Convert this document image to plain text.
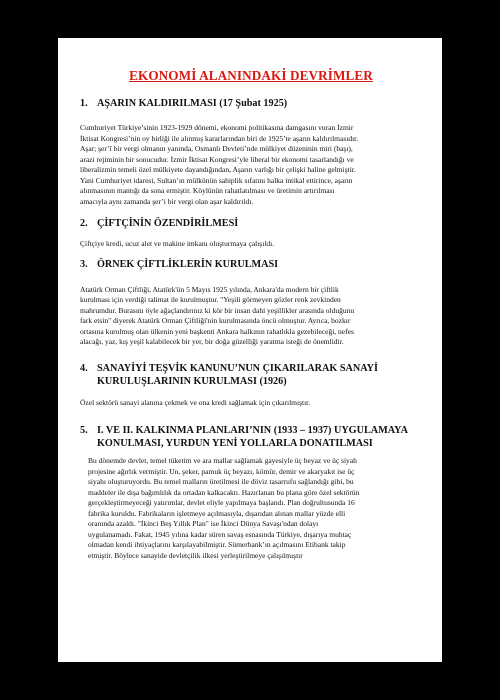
EKONOMİ ALANINDAKİ DEVRİMLER
1. AŞARIN KALDIRILMASI (17 Şubat 1925)
Cumhuriyet Türkiye’sinin 1923-1929 dönemi, ekonomi politikasına damgasını vuran İzmir
İktisat Kongresi’nin oy birliği ile alınmış kararlarından biri de 1925’te aşarın kaldırılmasıdır.
Aşar; şer’î bir vergi olmanın yanında, Osmanlı Devleti’nde mülkiyet düzeninin miri (başı),
arazi rejiminin bir sonucudur. İzmir İktisat Kongresi’yle liberal bir ekonomi tasarlandığı ve
liberalizmin temeli özel mülkiyete dayandığından, Aşarın varlığı bir çelişki haline gelmiştir.
Yani Cumhuriyet idaresi, Sultan’ın mülkünün sahiplik sıfatını halka intikal ettirince, aşarın
alınmasının mantığı da sona ermiştir. Köylünün rahatlatılması ve üretimin artırılması
amacıyla aynı zamanda şer’i bir vergi olan aşar kaldırıldı.
2. ÇİFTÇİNİN ÖZENDİRİLMESİ
Çiftçiye kredi, ucuz alet ve makine imkanı oluşturmaya çalışıldı.
3. ÖRNEK ÇİFTLİKLERİN KURULMASI
Atatürk Orman Çiftliği, Atatürk'ün 5 Mayıs 1925 yılında, Ankara'da modern bir çiftlik
kurulması için verdiği talimat ile kurulmuştur. "Yeşili görmeyen gözler renk zevkinden
mahrumdur. Burasını öyle ağaçlandırınız ki kör bir insan dahi yeşillikler arasında olduğunu
fark etsin" diyerek Atatürk Orman Çiftliği'nin kurulmasında öncü olmuştur. Ayrıca, bozkır
ortasına kurulmuş olan ülkenin yeni başkenti Ankara halkının rahatlıkla gezebileceği, nefes
alacağı, yaz, kış yeşil kalabilecek bir yer, bir doğa güzelliği yaratma isteği de önemlidir.
4. SANAYİYİ TEŞVİK KANUNU’NUN ÇIKARILARAK SANAYİ KURULUŞLARININ KURULMASI (1926)
Özel sektörü sanayi alanına çekmek ve ona kredi sağlamak için çıkarılmıştır.
5. I. VE II. KALKINMA PLANLARI’NIN (1933 – 1937) UYGULAMAYA KONULMASI, YURDUN YENİ YOLLARLA DONATILMASI
Bu dönemde devlet, temel tüketim ve ara mallar sağlamak gayesiyle üç beyaz ve üç siyah
projesine ağırlık vermiştir. Un, şeker, pamuk üç beyazı, kömür, demir ve akaryakıt ise üç
siyahı oluşturuyordu. Bu temel malların üretilmesi ile döviz tasarrufu sağlandığı gibi, bu
maddeler ile dışa bağımlılık da ortadan kalkacaktı. Hazırlanan bu plana göre özel sektörün
gerçekleştirmeyeceği yatırımlar, devlet eliyle yapılmaya başlandı. Plan doğrultusunda 16
fabrika kuruldu. Fabrikaların işletmeye açılmasıyla, dışarıdan alınan mallar yüzde elli
oranında azaldı. "İkinci Beş Yıllık Plan" ise İkinci Dünya Savaşı'ndan dolayı
uygulanamadı. Fakat, 1945 yılına kadar süren savaş esnasında Türkiye, dışarıya muhtaç
olmadan kendi ihtiyaçlarını karşılayabilmiştir. Sümerbank’ın açılmasını Etibank takip
etmiştir. Böylece sanayide devletçilik ilkesi yerleştirilmeye çalışılmıştır
